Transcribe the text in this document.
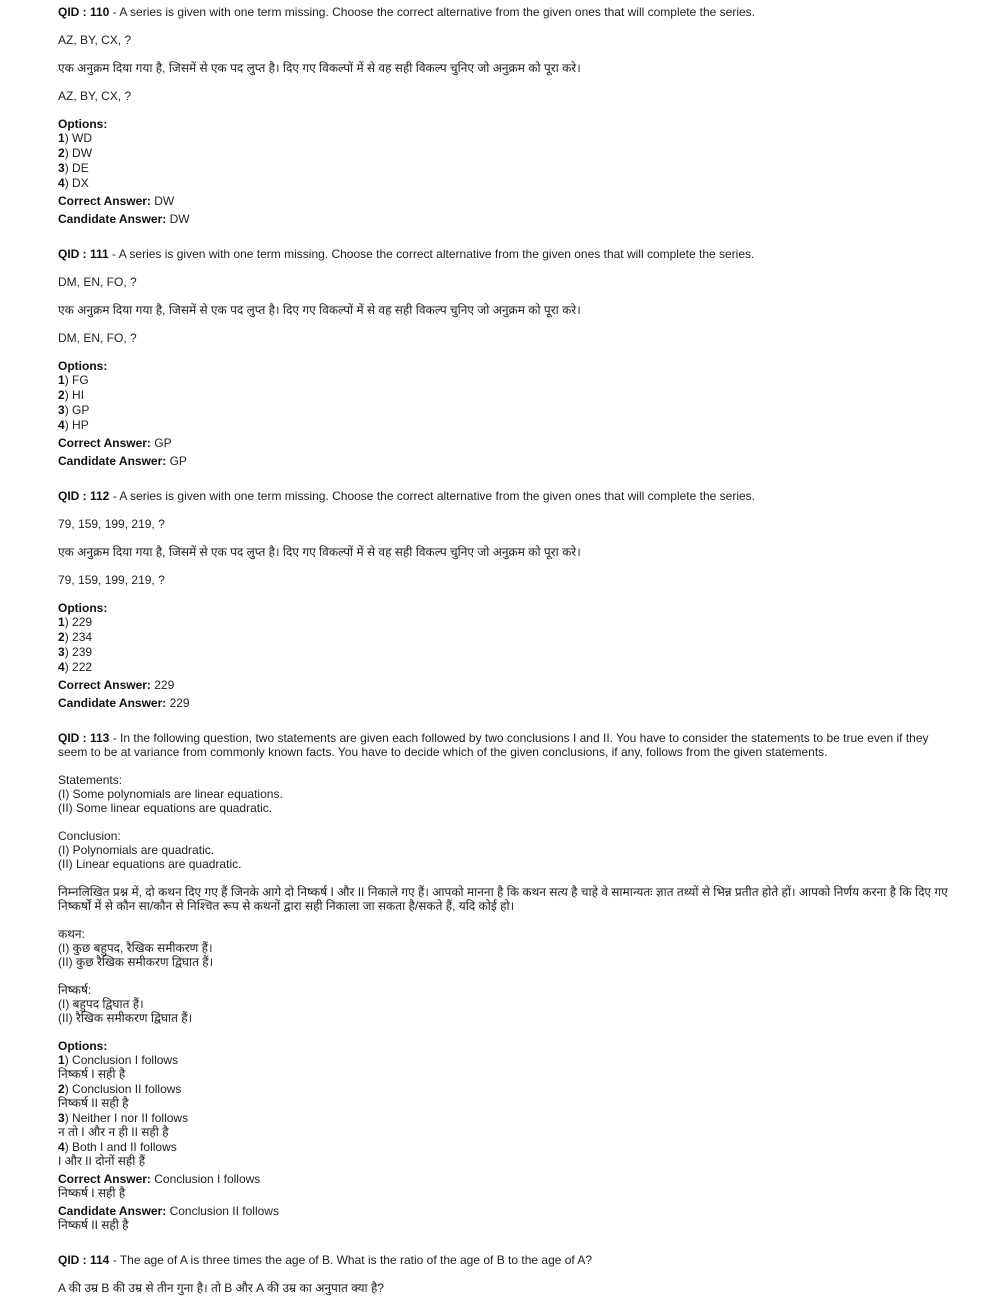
QID : 110 - A series is given with one term missing. Choose the correct alternative from the given ones that will complete the series.
AZ, BY, CX, ?
एक अनुक्रम दिया गया है, जिसमें से एक पद लुप्त है। दिए गए विकल्पों में से वह सही विकल्प चुनिए जो अनुक्रम को पूरा करे।
AZ, BY, CX, ?
Options:
1) WD
2) DW
3) DE
4) DX
Correct Answer: DW
Candidate Answer: DW
QID : 111 - A series is given with one term missing. Choose the correct alternative from the given ones that will complete the series.
DM, EN, FO, ?
एक अनुक्रम दिया गया है, जिसमें से एक पद लुप्त है। दिए गए विकल्पों में से वह सही विकल्प चुनिए जो अनुक्रम को पूरा करे।
DM, EN, FO, ?
Options:
1) FG
2) HI
3) GP
4) HP
Correct Answer: GP
Candidate Answer: GP
QID : 112 - A series is given with one term missing. Choose the correct alternative from the given ones that will complete the series.
79, 159, 199, 219, ?
एक अनुक्रम दिया गया है, जिसमें से एक पद लुप्त है। दिए गए विकल्पों में से वह सही विकल्प चुनिए जो अनुक्रम को पूरा करे।
79, 159, 199, 219, ?
Options:
1) 229
2) 234
3) 239
4) 222
Correct Answer: 229
Candidate Answer: 229
QID : 113 - In the following question, two statements are given each followed by two conclusions I and II. You have to consider the statements to be true even if they seem to be at variance from commonly known facts. You have to decide which of the given conclusions, if any, follows from the given statements.
Statements:
(I) Some polynomials are linear equations.
(II) Some linear equations are quadratic.
Conclusion:
(I) Polynomials are quadratic.
(II) Linear equations are quadratic.
निम्नलिखित प्रश्न में, दो कथन दिए गए हैं जिनके आगे दो निष्कर्ष I और II निकाले गए हैं। आपको मानना है कि कथन सत्य है चाहे वे सामान्यतः ज्ञात तथ्यों से भिन्न प्रतीत होते हों। आपको निर्णय करना है कि दिए गए निष्कर्षों में से कौन सा/कौन से निश्चित रूप से कथनों द्वारा सही निकाला जा सकता है/सकते हैं, यदि कोई हो।
कथन:
(I) कुछ बहुपद, रैखिक समीकरण हैं।
(II) कुछ रैखिक समीकरण द्विघात हैं।
निष्कर्ष:
(I) बहुपद द्विघात हैं।
(II) रैखिक समीकरण द्विघात हैं।
Options:
1) Conclusion I follows
निष्कर्ष I सही है
2) Conclusion II follows
निष्कर्ष II सही है
3) Neither I nor II follows
न तो I और न ही II सही है
4) Both I and II follows
I और II दोनों सही हैं
Correct Answer: Conclusion I follows
निष्कर्ष I सही है
Candidate Answer: Conclusion II follows
निष्कर्ष II सही है
QID : 114 - The age of A is three times the age of B. What is the ratio of the age of B to the age of A?
A की उम्र B की उम्र से तीन गुना है। तो B और A की उम्र का अनुपात क्या है?
